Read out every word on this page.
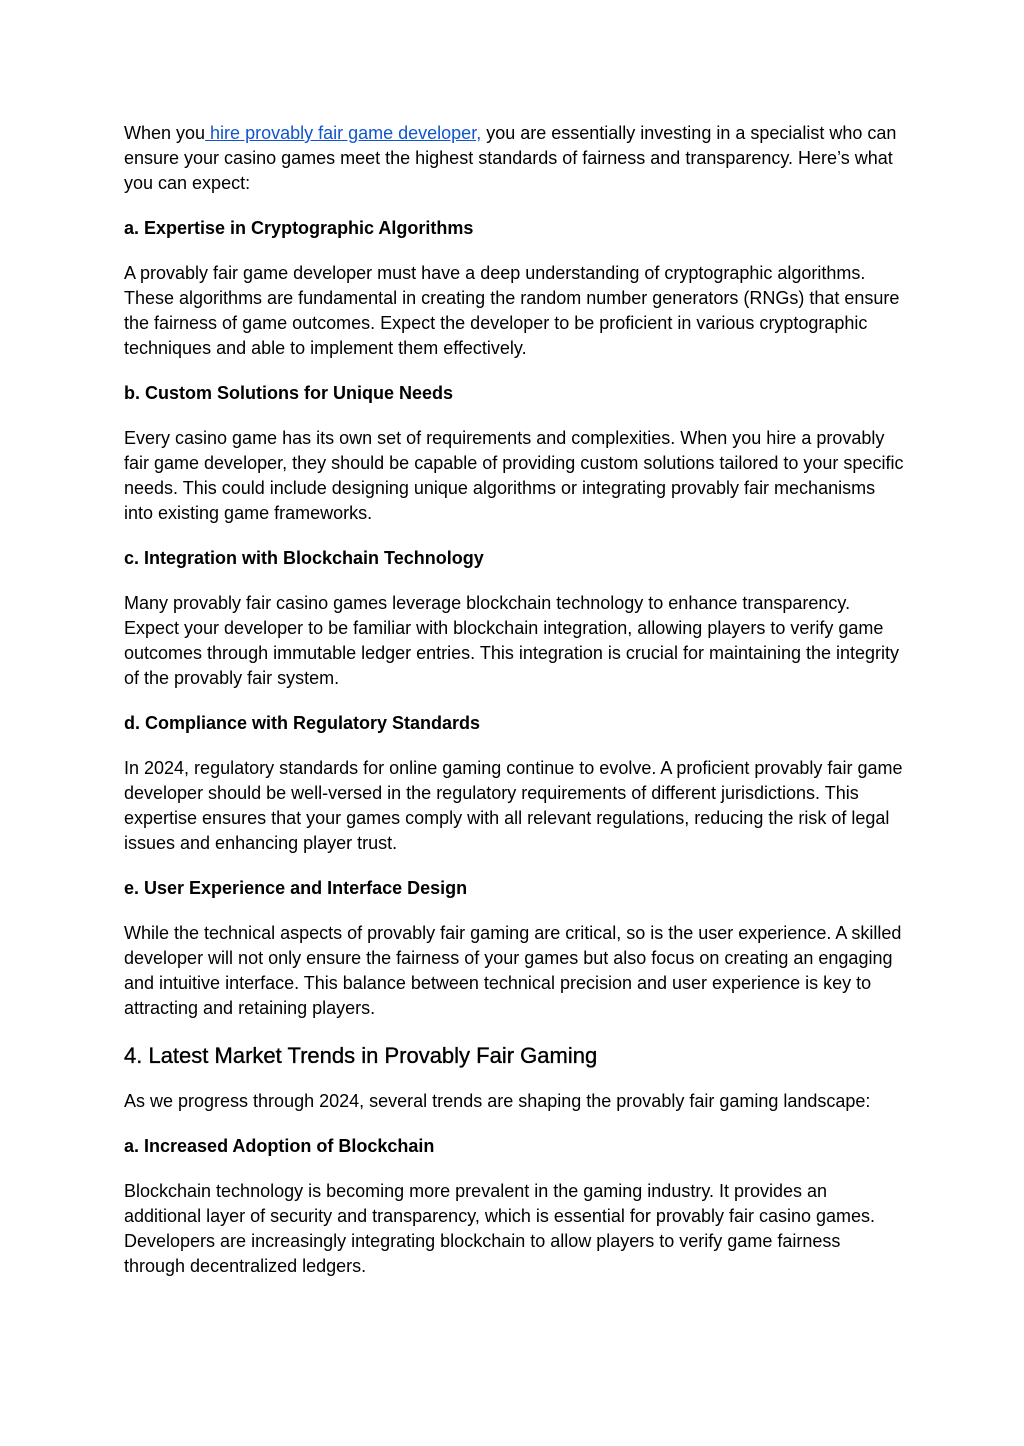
When you hire provably fair game developer, you are essentially investing in a specialist who can ensure your casino games meet the highest standards of fairness and transparency. Here’s what you can expect:

a. Expertise in Cryptographic Algorithms

A provably fair game developer must have a deep understanding of cryptographic algorithms. These algorithms are fundamental in creating the random number generators (RNGs) that ensure the fairness of game outcomes. Expect the developer to be proficient in various cryptographic techniques and able to implement them effectively.

b. Custom Solutions for Unique Needs

Every casino game has its own set of requirements and complexities. When you hire a provably fair game developer, they should be capable of providing custom solutions tailored to your specific needs. This could include designing unique algorithms or integrating provably fair mechanisms into existing game frameworks.

c. Integration with Blockchain Technology

Many provably fair casino games leverage blockchain technology to enhance transparency. Expect your developer to be familiar with blockchain integration, allowing players to verify game outcomes through immutable ledger entries. This integration is crucial for maintaining the integrity of the provably fair system.

d. Compliance with Regulatory Standards

In 2024, regulatory standards for online gaming continue to evolve. A proficient provably fair game developer should be well-versed in the regulatory requirements of different jurisdictions. This expertise ensures that your games comply with all relevant regulations, reducing the risk of legal issues and enhancing player trust.

e. User Experience and Interface Design

While the technical aspects of provably fair gaming are critical, so is the user experience. A skilled developer will not only ensure the fairness of your games but also focus on creating an engaging and intuitive interface. This balance between technical precision and user experience is key to attracting and retaining players.

4. Latest Market Trends in Provably Fair Gaming

As we progress through 2024, several trends are shaping the provably fair gaming landscape:

a. Increased Adoption of Blockchain

Blockchain technology is becoming more prevalent in the gaming industry. It provides an additional layer of security and transparency, which is essential for provably fair casino games. Developers are increasingly integrating blockchain to allow players to verify game fairness through decentralized ledgers.
